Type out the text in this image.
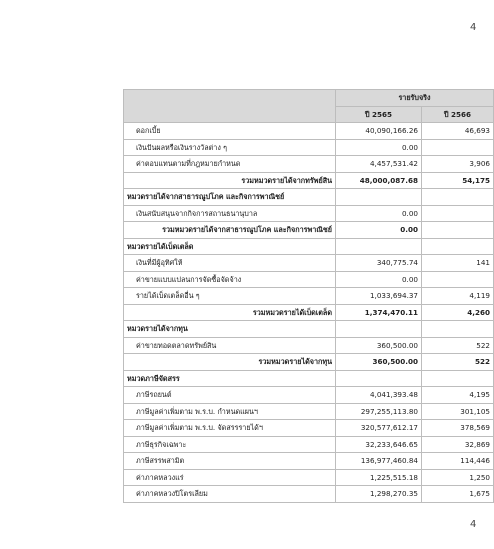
4
	รายรับจริง	
	ปี 2565	ปี 2566
ดอกเบี้ย	40,090,166.26	46,693
เงินปันผลหรือเงินรางวัลต่าง ๆ	0.00	
ค่าตอบแทนตามที่กฎหมายกำหนด	4,457,531.42	3,906
รวมหมวดรายได้จากทรัพย์สิน	48,000,087.68	54,175
หมวดรายได้จากสาธารณูปโภค และกิจการพาณิชย์		
เงินสนับสนุนจากกิจการสถานธนานุบาล	0.00	
รวมหมวดรายได้จากสาธารณูปโภค และกิจการพาณิชย์	0.00	
หมวดรายได้เบ็ดเตล็ด		
เงินที่มีผู้อุทิศให้	340,775.74	141
ค่าขายแบบแปลนการจัดซื้อจัดจ้าง	0.00	
รายได้เบ็ดเตล็ดอื่น ๆ	1,033,694.37	4,119
รวมหมวดรายได้เบ็ดเตล็ด	1,374,470.11	4,260
หมวดรายได้จากทุน		
ค่าขายทอดตลาดทรัพย์สิน	360,500.00	522
รวมหมวดรายได้จากทุน	360,500.00	522
หมวดภาษีจัดสรร		
ภาษีรถยนต์	4,041,393.48	4,195
ภาษีมูลค่าเพิ่มตาม พ.ร.บ. กำหนดแผนฯ	297,255,113.80	301,105
ภาษีมูลค่าเพิ่มตาม พ.ร.บ. จัดสรรรายได้ฯ	320,577,612.17	378,569
ภาษีธุรกิจเฉพาะ	32,233,646.65	32,869
ภาษีสรรพสามิต	136,977,460.84	114,446
ค่าภาคหลวงแร่	1,225,515.18	1,250
ค่าภาคหลวงปิโตรเลียม	1,298,270.35	1,675
4
